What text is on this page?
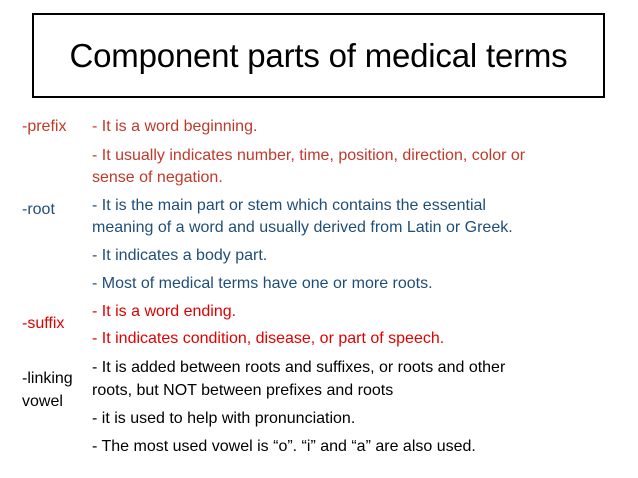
Component parts of medical terms
-prefix
-root
-suffix
-linking
vowel
- It is a word beginning.
- It usually indicates number, time, position, direction, color or
sense of negation.
- It is the main part or stem which contains the essential
meaning of a word and usually derived from Latin or Greek.
- It indicates a body part.
- Most of medical terms have one or more roots.
- It is a word ending.
- It indicates condition, disease, or part of speech.
- It is added between roots and suffixes, or roots and other
roots, but NOT between prefixes and roots
- it is used to help with pronunciation.
- The most used vowel is “o”. “i” and “a” are also used.
